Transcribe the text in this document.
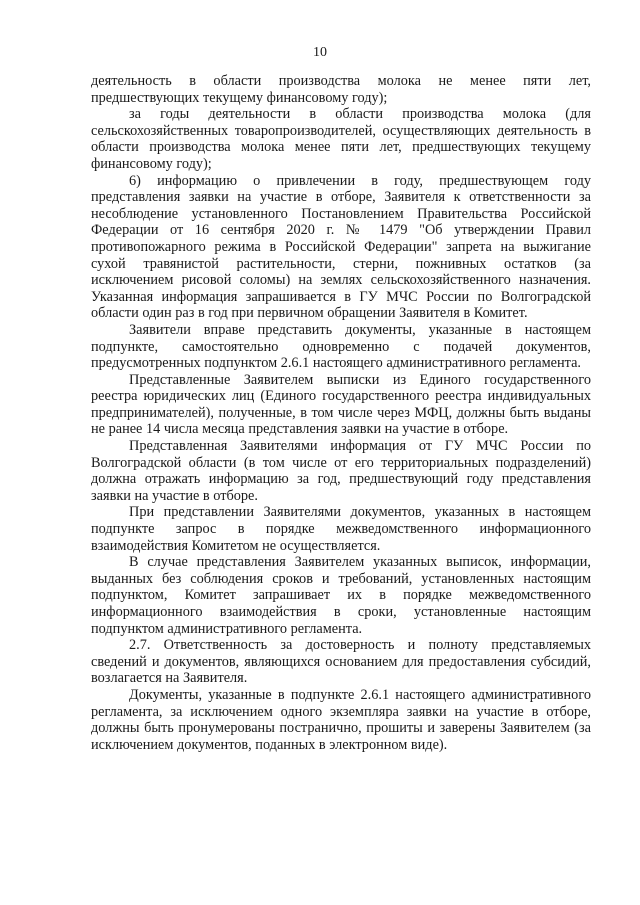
10

деятельность в области производства молока не менее пяти лет, предшествующих текущему финансовому году);

за годы деятельности в области производства молока (для сельскохозяйственных товаропроизводителей, осуществляющих деятельность в области производства молока менее пяти лет, предшествующих текущему финансовому году);

6) информацию о привлечении в году, предшествующем году представления заявки на участие в отборе, Заявителя к ответственности за несоблюдение установленного Постановлением Правительства Российской Федерации от 16 сентября 2020 г. № 1479 "Об утверждении Правил противопожарного режима в Российской Федерации" запрета на выжигание сухой травянистой растительности, стерни, пожнивных остатков (за исключением рисовой соломы) на землях сельскохозяйственного назначения. Указанная информация запрашивается в ГУ МЧС России по Волгоградской области один раз в год при первичном обращении Заявителя в Комитет.

Заявители вправе представить документы, указанные в настоящем подпункте, самостоятельно одновременно с подачей документов, предусмотренных подпунктом 2.6.1 настоящего административного регламента.

Представленные Заявителем выписки из Единого государственного реестра юридических лиц (Единого государственного реестра индивидуальных предпринимателей), полученные, в том числе через МФЦ, должны быть выданы не ранее 14 числа месяца представления заявки на участие в отборе.

Представленная Заявителями информация от ГУ МЧС России по Волгоградской области (в том числе от его территориальных подразделений) должна отражать информацию за год, предшествующий году представления заявки на участие в отборе.

При представлении Заявителями документов, указанных в настоящем подпункте запрос в порядке межведомственного информационного взаимодействия Комитетом не осуществляется.

В случае представления Заявителем указанных выписок, информации, выданных без соблюдения сроков и требований, установленных настоящим подпунктом, Комитет запрашивает их в порядке межведомственного информационного взаимодействия в сроки, установленные настоящим подпунктом административного регламента.

2.7. Ответственность за достоверность и полноту представляемых сведений и документов, являющихся основанием для предоставления субсидий, возлагается на Заявителя.

Документы, указанные в подпункте 2.6.1 настоящего административного регламента, за исключением одного экземпляра заявки на участие в отборе, должны быть пронумерованы постранично, прошиты и заверены Заявителем (за исключением документов, поданных в электронном виде).
